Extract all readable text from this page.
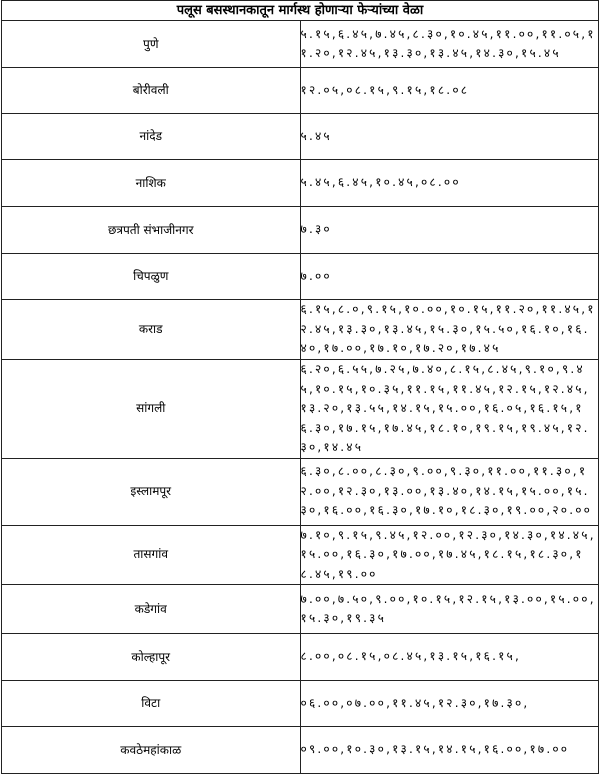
पलूस बसस्थानकातून मार्गस्थ होणाऱ्या फेऱ्यांच्या वेळा	
पुणे	५.१५,६.४५,७.४५,८.३०,१०.४५,११.००,११.०५,११.२०,१२.४५,१३.३०,१३.४५,१४.३०,१५.४५
बोरीवली	१२.०५,०८.१५,९.१५,१८.०८
नांदेड	५.४५
नाशिक	५.४५,६.४५,१०.४५,०८.००
छत्रपती संभाजीनगर	७.३०
चिपळुण	७.००
कराड	६.१५,८.०,९.१५,१०.००,१०.१५,११.२०,११.४५,१२.४५,१३.३०,१३.४५,१५.३०,१५.५०,१६.१०,१६.४०,१७.००,१७.१०,१७.२०,१७.४५
सांगली	६.२०,६.५५,७.२५,७.४०,८.१५,८.४५,९.१०,९.४५,१०.१५,१०.३५,११.१५,११.४५,१२.१५,१२.४५,१३.२०,१३.५५,१४.१५,१५.००,१६.०५,१६.१५,१६.३०,१७.१५,१७.४५,१८.१०,१९.१५,१९.४५,१२.३०,१४.४५
इस्लामपूर	६.३०,८.००,८.३०,९.००,९.३०,११.००,११.३०,१२.००,१२.३०,१३.००,१३.४०,१४.१५,१५.००,१५.३०,१६.००,१६.३०,१७.१०,१८.३०,१९.००,२०.००
तासगांव	७.१०,९.१५,९.४५,१२.००,१२.३०,१४.३०,१४.४५,१५.००,१६.३०,१७.००,१७.४५,१८.१५,१८.३०,१८.४५,१९.००
कडेगांव	७.००,७.५०,९.००,१०.१५,१२.१५,१३.००,१५.००,१५.३०,१९.३५
कोल्हापूर	८.००,०८.१५,०८.४५,१३.१५,१६.१५,
विटा	०६.००,०७.००,११.४५,१२.३०,१७.३०,
कवठेमहांकाळ	०९.००,१०.३०,१३.१५,१४.१५,१६.००,१७.००
